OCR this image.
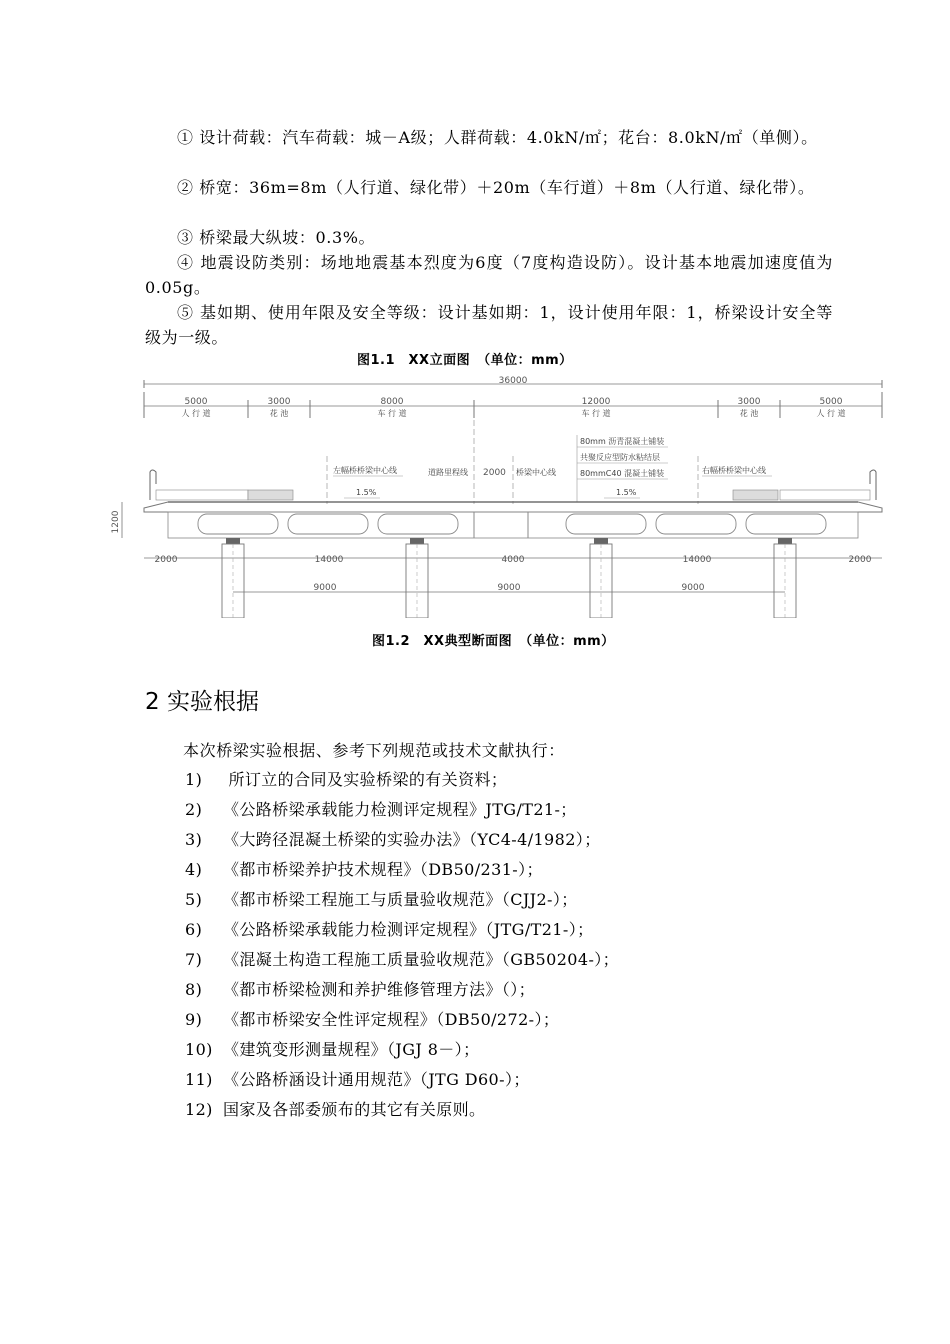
① 设计荷载：汽车荷载：城－A级；人群荷载：4.0kN/㎡；花台：8.0kN/㎡（单侧）。

② 桥宽：36m=8m（人行道、绿化带）＋20m（车行道）＋8m（人行道、绿化带）。

③ 桥梁最大纵坡：0.3%。

④ 地震设防类别：场地地震基本烈度为6度（7度构造设防）。设计基本地震加速度值为0.05g。

⑤ 基如期、使用年限及安全等级：设计基如期：1，设计使用年限：1，桥梁设计安全等级为一级。

图1.1　XX立面图　（单位：mm）
36000
5000
人 行 道
3000
花 池
8000
车 行 道
12000
车 行 道
3000
花 池
5000
人 行 道
左幅桥桥梁中心线	道路里程线 2000 桥梁中心线	右幅桥桥梁中心线
80mm 沥青混凝土铺装
共聚反应型防水粘结层
80mmC40 混凝土铺装
1.5%	1.5%
1200
2000	14000	4000	14000	2000
9000	9000	9000
图1.2　XX典型断面图　（单位：mm）
2 实验根据
本次桥梁实验根据、参考下列规范或技术文献执行：
1) 所订立的合同及实验桥梁的有关资料；
2) 《公路桥梁承载能力检测评定规程》JTG/T21-；
3) 《大跨径混凝土桥梁的实验办法》（YC4-4/1982）；
4) 《都市桥梁养护技术规程》（DB50/231-）；
5) 《都市桥梁工程施工与质量验收规范》（CJJ2-）；
6) 《公路桥梁承载能力检测评定规程》（JTG/T21-）；
7) 《混凝土构造工程施工质量验收规范》（GB50204-）；
8) 《都市桥梁检测和养护维修管理方法》（）；
9) 《都市桥梁安全性评定规程》（DB50/272-）；
10) 《建筑变形测量规程》（JGJ 8－）；
11) 《公路桥涵设计通用规范》（JTG D60-）；
12) 国家及各部委颁布的其它有关原则。
